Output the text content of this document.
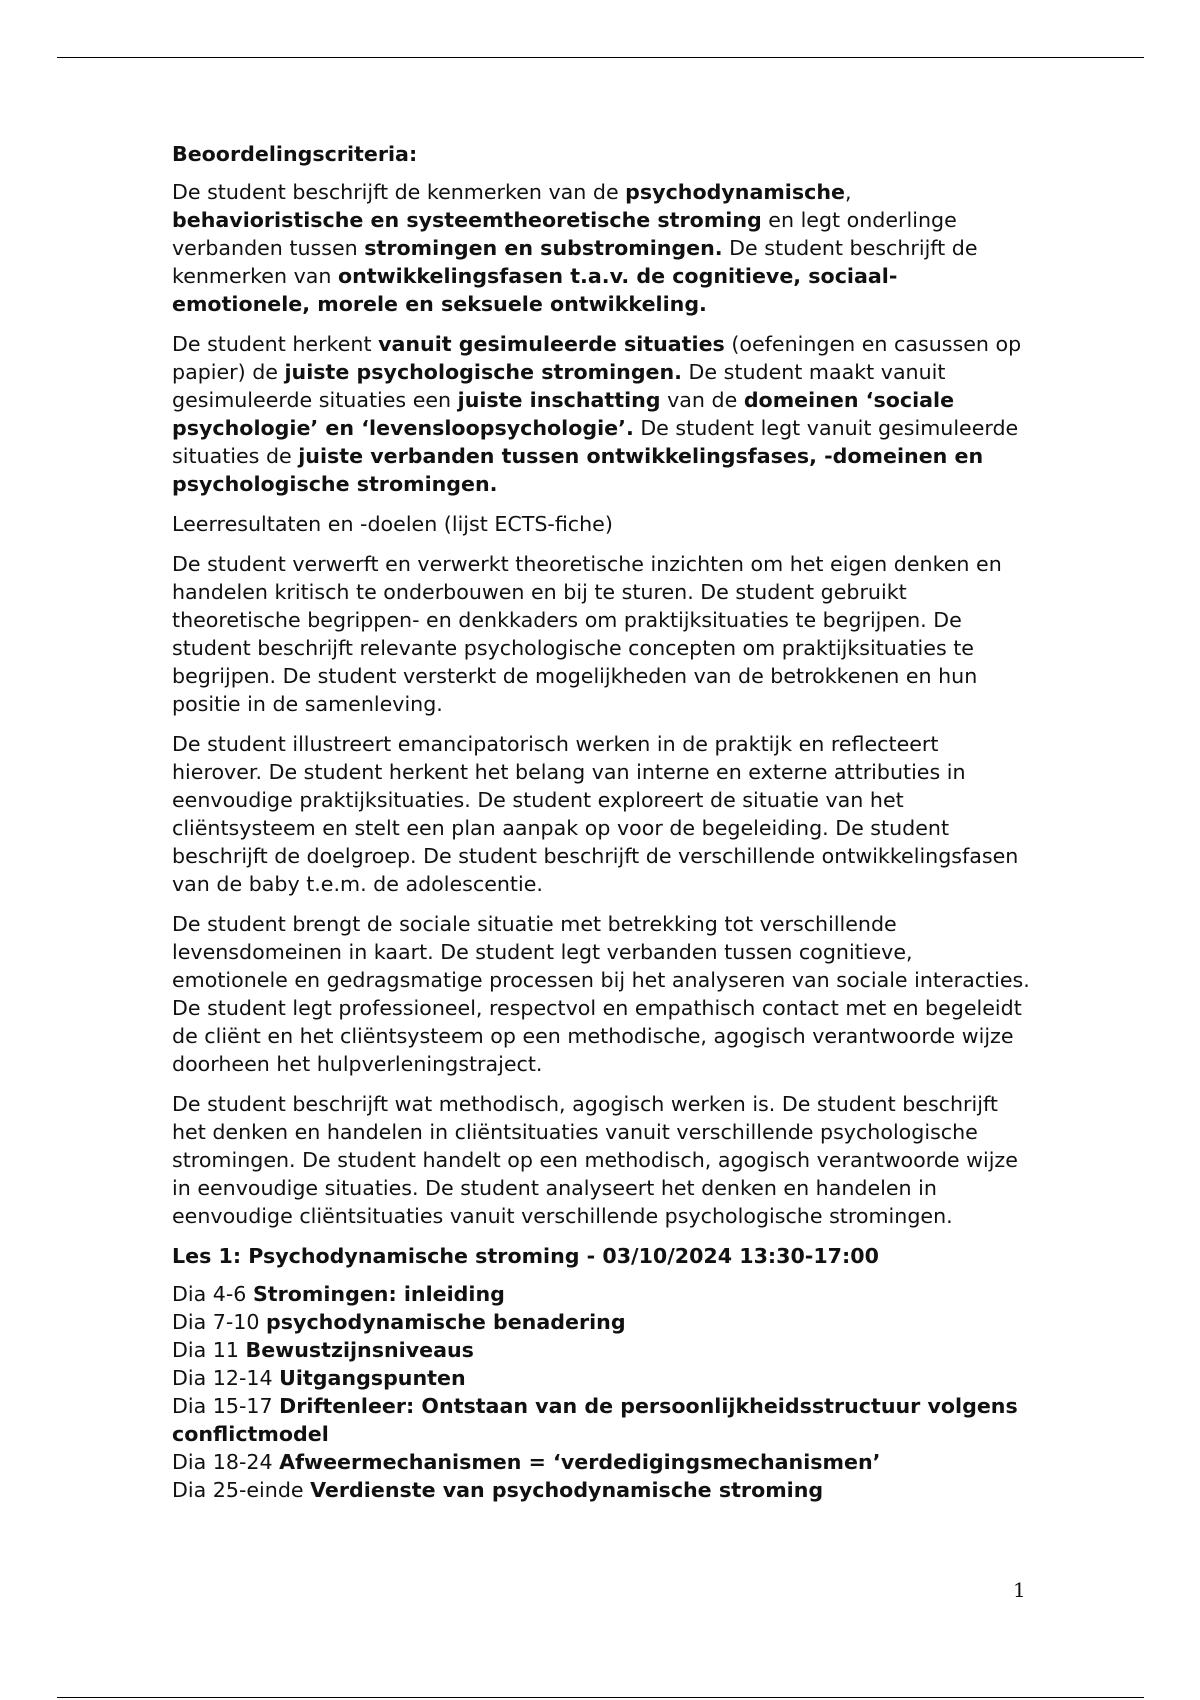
Beoordelingscriteria:

De student beschrijft de kenmerken van de psychodynamische, behavioristische en systeemtheoretische stroming en legt onderlinge verbanden tussen stromingen en substromingen. De student beschrijft de kenmerken van ontwikkelingsfasen t.a.v. de cognitieve, sociaal-emotionele, morele en seksuele ontwikkeling.

De student herkent vanuit gesimuleerde situaties (oefeningen en casussen op papier) de juiste psychologische stromingen. De student maakt vanuit gesimuleerde situaties een juiste inschatting van de domeinen ‘sociale psychologie’ en ‘levensloopsychologie’. De student legt vanuit gesimuleerde situaties de juiste verbanden tussen ontwikkelingsfases, -domeinen en psychologische stromingen.

Leerresultaten en -doelen (lijst ECTS-fiche)

De student verwerft en verwerkt theoretische inzichten om het eigen denken en handelen kritisch te onderbouwen en bij te sturen. De student gebruikt theoretische begrippen- en denkkaders om praktijksituaties te begrijpen. De student beschrijft relevante psychologische concepten om praktijksituaties te begrijpen. De student versterkt de mogelijkheden van de betrokkenen en hun positie in de samenleving.

De student illustreert emancipatorisch werken in de praktijk en reflecteert hierover. De student herkent het belang van interne en externe attributies in eenvoudige praktijksituaties. De student exploreert de situatie van het cliëntsysteem en stelt een plan aanpak op voor de begeleiding. De student beschrijft de doelgroep. De student beschrijft de verschillende ontwikkelingsfasen van de baby t.e.m. de adolescentie.

De student brengt de sociale situatie met betrekking tot verschillende levensdomeinen in kaart. De student legt verbanden tussen cognitieve, emotionele en gedragsmatige processen bij het analyseren van sociale interacties. De student legt professioneel, respectvol en empathisch contact met en begeleidt de cliënt en het cliëntsysteem op een methodische, agogisch verantwoorde wijze doorheen het hulpverleningstraject.

De student beschrijft wat methodisch, agogisch werken is. De student beschrijft het denken en handelen in cliëntsituaties vanuit verschillende psychologische stromingen. De student handelt op een methodisch, agogisch verantwoorde wijze in eenvoudige situaties. De student analyseert het denken en handelen in eenvoudige cliëntsituaties vanuit verschillende psychologische stromingen.

Les 1: Psychodynamische stroming - 03/10/2024 13:30-17:00

Dia 4-6 Stromingen: inleiding
Dia 7-10 psychodynamische benadering
Dia 11 Bewustzijnsniveaus
Dia 12-14 Uitgangspunten
Dia 15-17 Driftenleer: Ontstaan van de persoonlijkheidsstructuur volgens conflictmodel
Dia 18-24 Afweermechanismen = ‘verdedigingsmechanismen’
Dia 25-einde Verdienste van psychodynamische stroming
1
